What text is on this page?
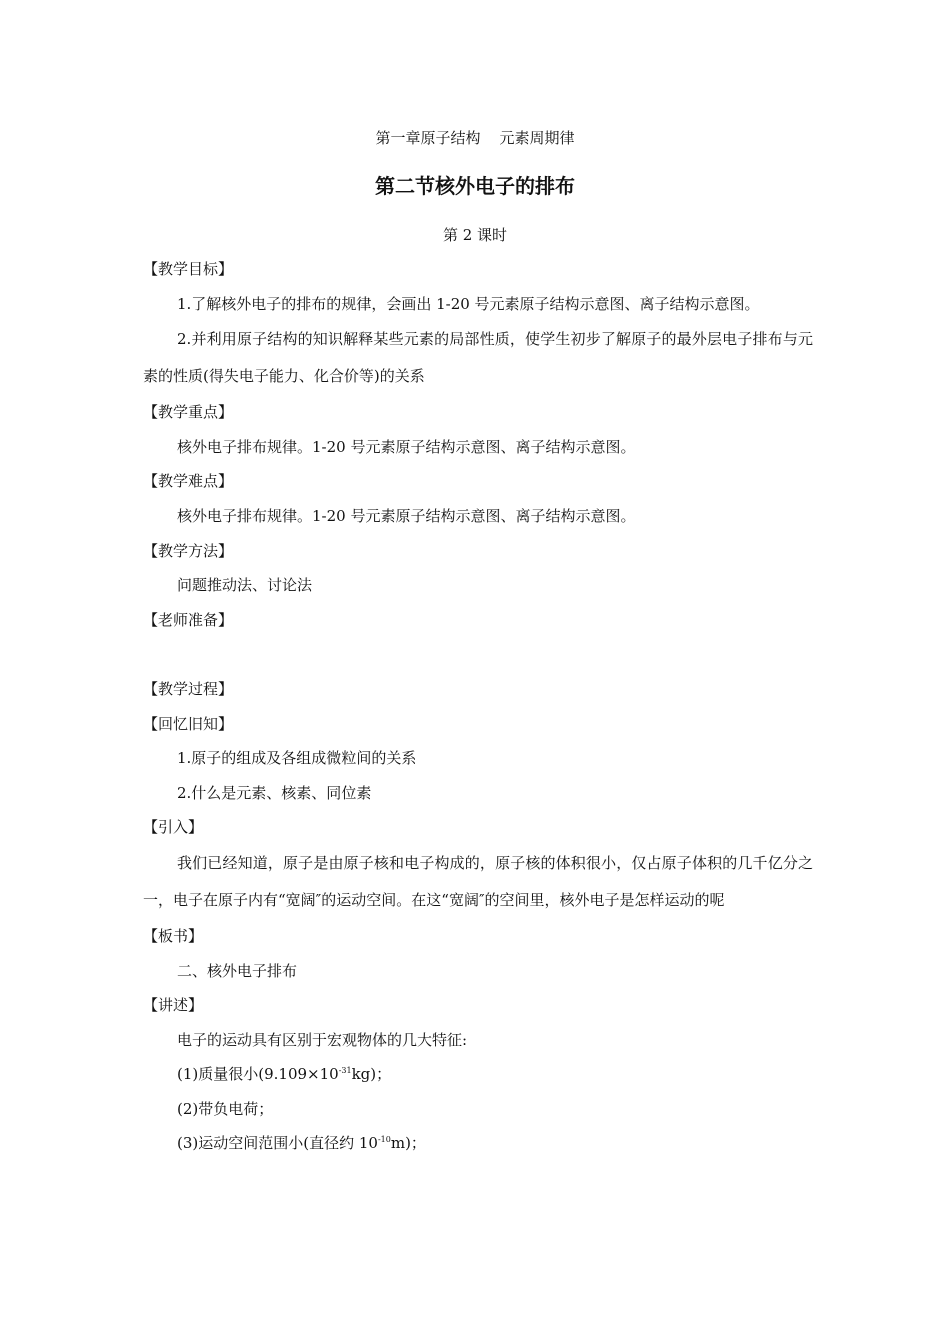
第一章原子结构    元素周期律
第二节核外电子的排布
第 2 课时
【教学目标】
1.了解核外电子的排布的规律，会画出 1-20 号元素原子结构示意图、离子结构示意图。
2.并利用原子结构的知识解释某些元素的局部性质，使学生初步了解原子的最外层电子排布与元素的性质(得失电子能力、化合价等)的关系
【教学重点】
核外电子排布规律。1-20 号元素原子结构示意图、离子结构示意图。
【教学难点】
核外电子排布规律。1-20 号元素原子结构示意图、离子结构示意图。
【教学方法】
问题推动法、讨论法
【老师准备】
【教学过程】
【回忆旧知】
1.原子的组成及各组成微粒间的关系
2.什么是元素、核素、同位素
【引入】
我们已经知道，原子是由原子核和电子构成的，原子核的体积很小，仅占原子体积的几千亿分之一，电子在原子内有“宽阔″的运动空间。在这“宽阔″的空间里，核外电子是怎样运动的呢
【板书】
二、核外电子排布
【讲述】
电子的运动具有区别于宏观物体的几大特征:
(1)质量很小$(9.109\times 10^{-31}kg)$；
(2)带负电荷；
(3)运动空间范围小(直径约 $10^{-10}m$)；
